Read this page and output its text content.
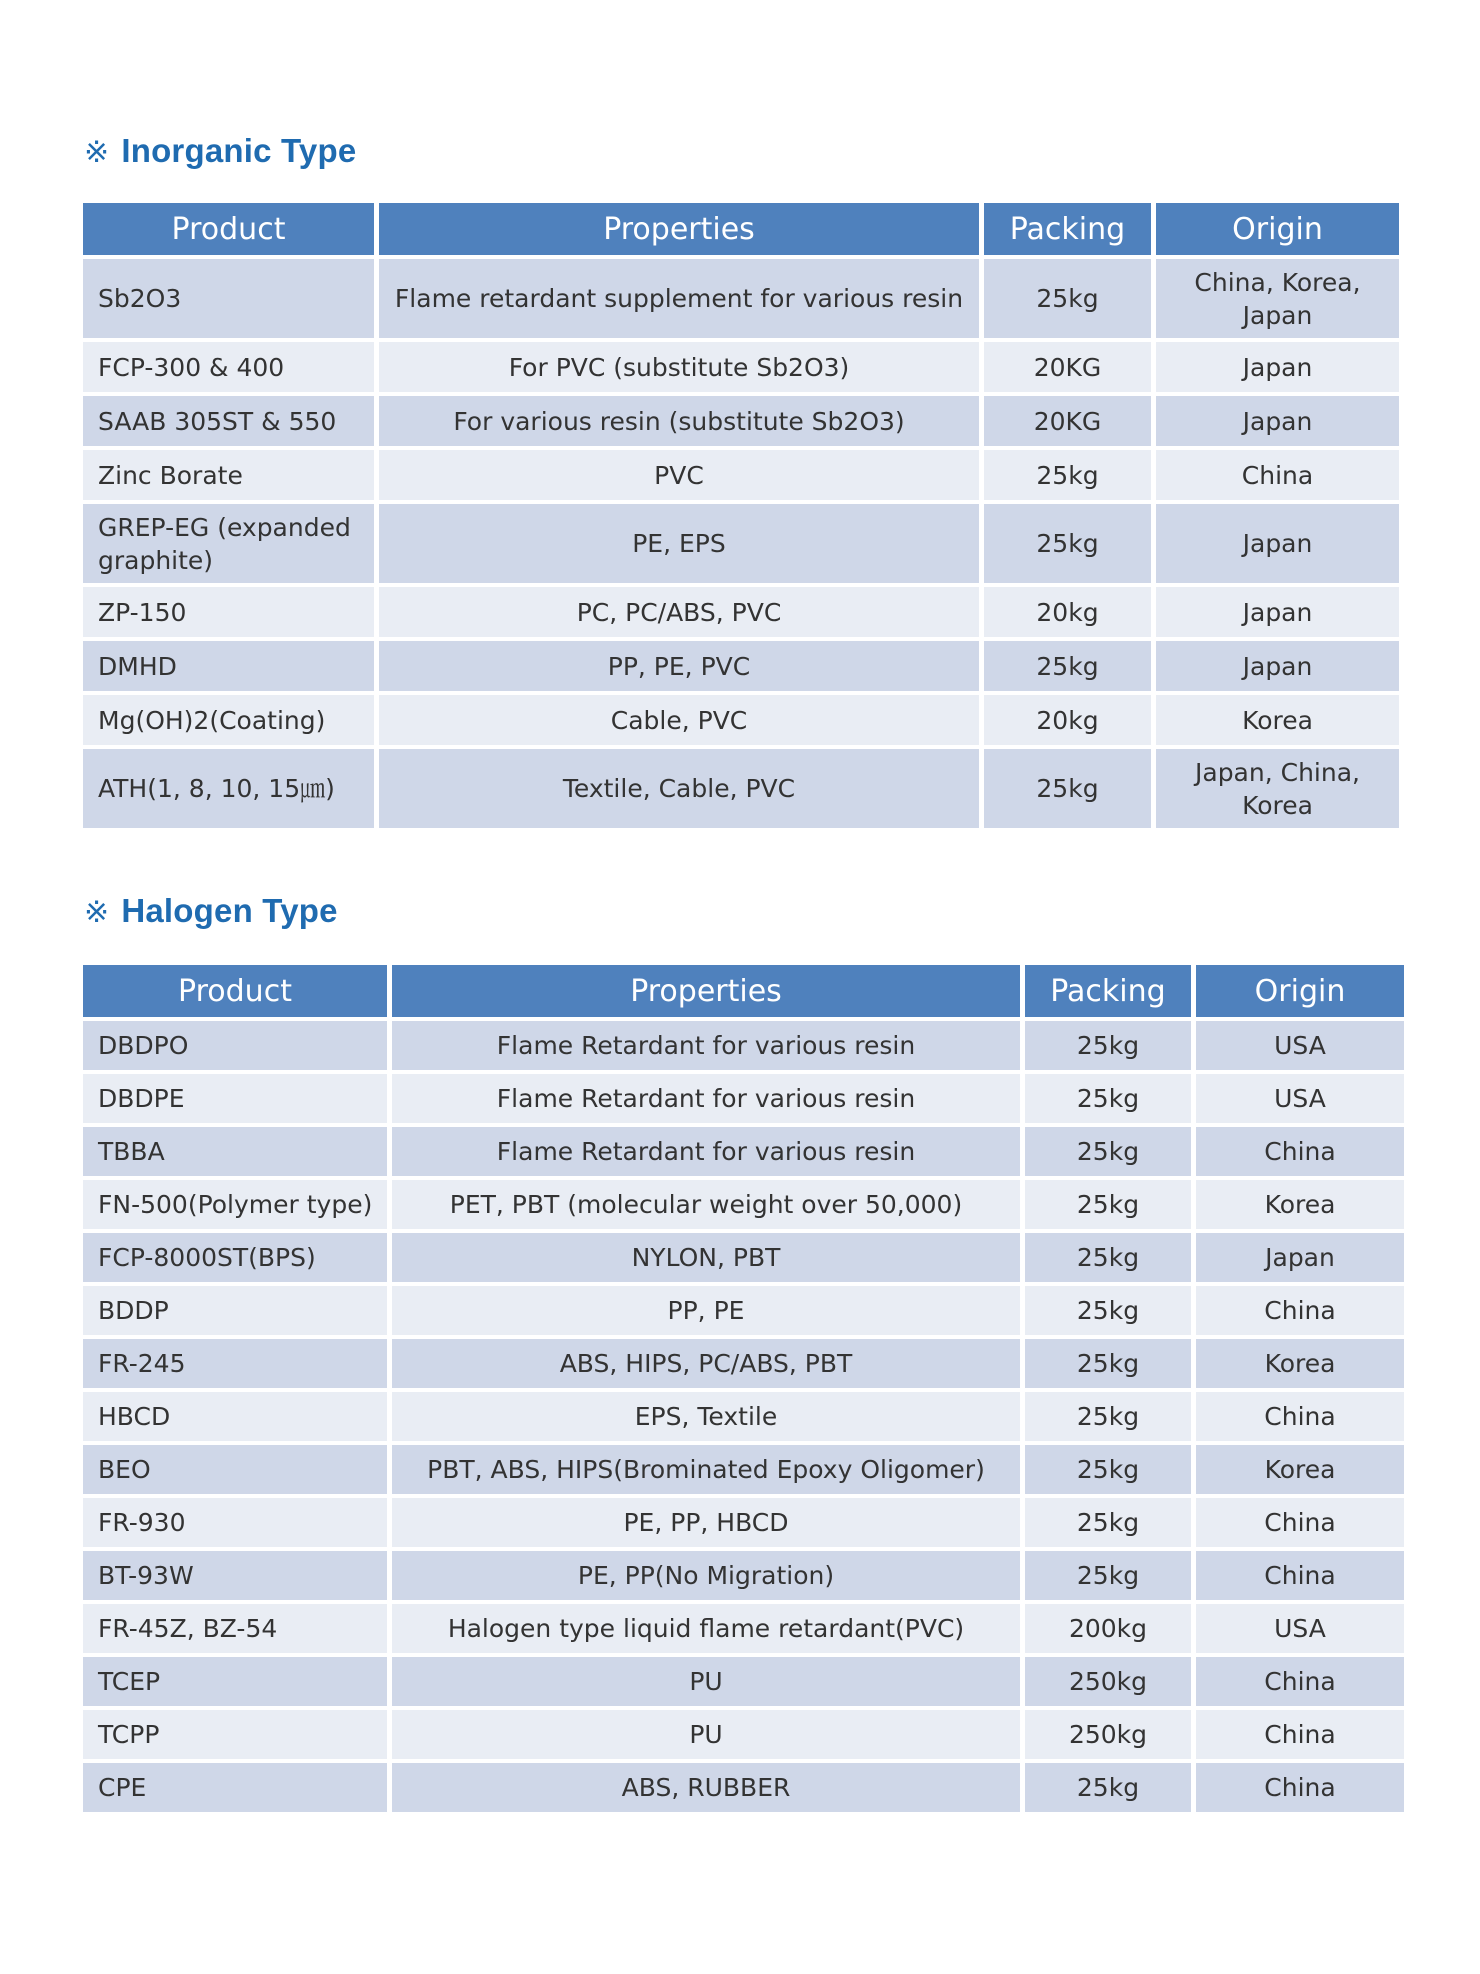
※ Inorganic Type
Product	Properties	Packing	Origin
Sb2O3	Flame retardant supplement for various resin	25kg	China, Korea, Japan
FCP-300 & 400	For PVC (substitute Sb2O3)	20KG	Japan
SAAB 305ST & 550	For various resin (substitute Sb2O3)	20KG	Japan
Zinc Borate	PVC	25kg	China
GREP-EG (expanded graphite)	PE, EPS	25kg	Japan
ZP-150	PC, PC/ABS, PVC	20kg	Japan
DMHD	PP, PE, PVC	25kg	Japan
Mg(OH)2(Coating)	Cable, PVC	20kg	Korea
ATH(1, 8, 10, 15㎛)	Textile, Cable, PVC	25kg	Japan, China, Korea
※ Halogen Type
Product	Properties	Packing	Origin
DBDPO	Flame Retardant for various resin	25kg	USA
DBDPE	Flame Retardant for various resin	25kg	USA
TBBA	Flame Retardant for various resin	25kg	China
FN-500(Polymer type)	PET, PBT (molecular weight over 50,000)	25kg	Korea
FCP-8000ST(BPS)	NYLON, PBT	25kg	Japan
BDDP	PP, PE	25kg	China
FR-245	ABS, HIPS, PC/ABS, PBT	25kg	Korea
HBCD	EPS, Textile	25kg	China
BEO	PBT, ABS, HIPS(Brominated Epoxy Oligomer)	25kg	Korea
FR-930	PE, PP, HBCD	25kg	China
BT-93W	PE, PP(No Migration)	25kg	China
FR-45Z, BZ-54	Halogen type liquid flame retardant(PVC)	200kg	USA
TCEP	PU	250kg	China
TCPP	PU	250kg	China
CPE	ABS, RUBBER	25kg	China
